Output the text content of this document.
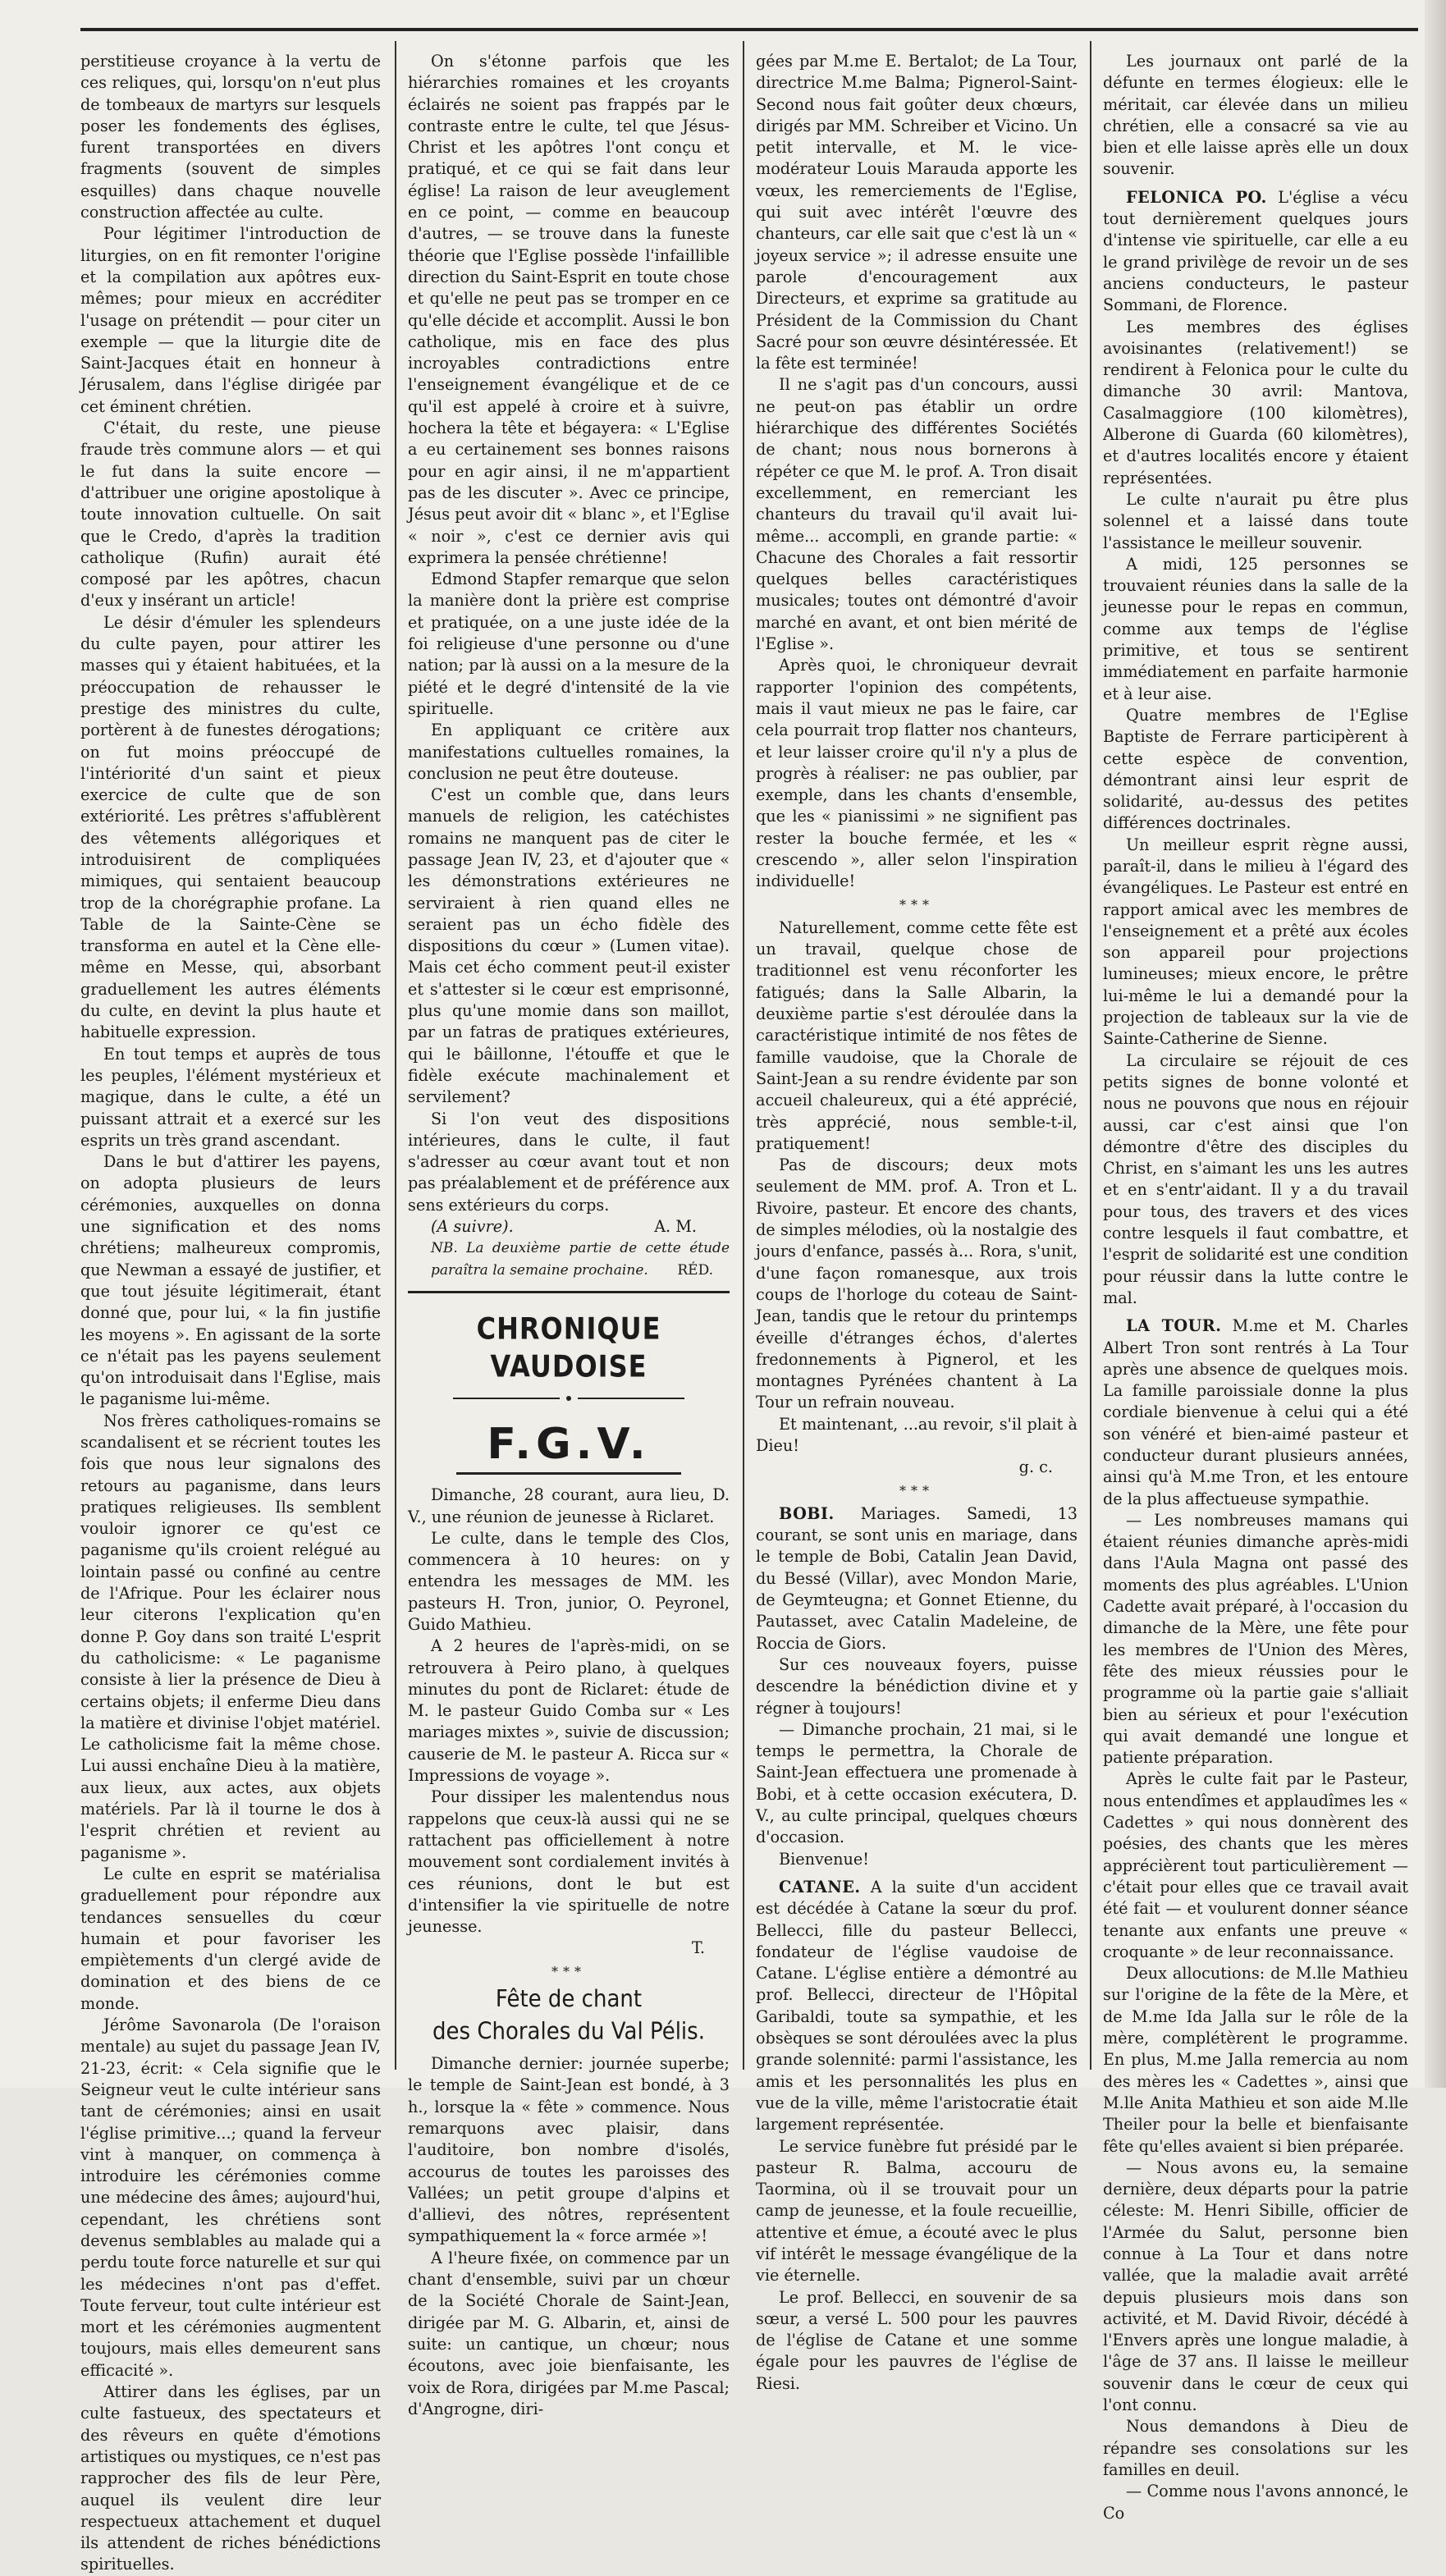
perstitieuse croyance à la vertu de ces reliques, qui, lorsqu'on n'eut plus de tombeaux de martyrs sur lesquels poser les fondements des églises, furent transportées en divers fragments (souvent de simples esquilles) dans chaque nouvelle construction affectée au culte.

Pour légitimer l'introduction de liturgies, on en fit remonter l'origine et la compilation aux apôtres eux-mêmes; pour mieux en accréditer l'usage on prétendit — pour citer un exemple — que la liturgie dite de Saint-Jacques était en honneur à Jérusalem, dans l'église dirigée par cet éminent chrétien.

C'était, du reste, une pieuse fraude très commune alors — et qui le fut dans la suite encore — d'attribuer une origine apostolique à toute innovation cultuelle. On sait que le Credo, d'après la tradition catholique (Rufin) aurait été composé par les apôtres, chacun d'eux y insérant un article!

Le désir d'émuler les splendeurs du culte payen, pour attirer les masses qui y étaient habituées, et la préoccupation de rehausser le prestige des ministres du culte, portèrent à de funestes dérogations; on fut moins préoccupé de l'intériorité d'un saint et pieux exercice de culte que de son extériorité. Les prêtres s'affublèrent des vêtements allégoriques et introduisirent de compliquées mimiques, qui sentaient beaucoup trop de la chorégraphie profane. La Table de la Sainte-Cène se transforma en autel et la Cène elle-même en Messe, qui, absorbant graduellement les autres éléments du culte, en devint la plus haute et habituelle expression.

En tout temps et auprès de tous les peuples, l'élément mystérieux et magique, dans le culte, a été un puissant attrait et a exercé sur les esprits un très grand ascendant.

Dans le but d'attirer les payens, on adopta plusieurs de leurs cérémonies, auxquelles on donna une signification et des noms chrétiens; malheureux compromis, que Newman a essayé de justifier, et que tout jésuite légitimerait, étant donné que, pour lui, « la fin justifie les moyens ». En agissant de la sorte ce n'était pas les payens seulement qu'on introduisait dans l'Eglise, mais le paganisme lui-même.

Nos frères catholiques-romains se scandalisent et se récrient toutes les fois que nous leur signalons des retours au paganisme, dans leurs pratiques religieuses. Ils semblent vouloir ignorer ce qu'est ce paganisme qu'ils croient relégué au lointain passé ou confiné au centre de l'Afrique. Pour les éclairer nous leur citerons l'explication qu'en donne P. Goy dans son traité L'esprit du catholicisme: « Le paganisme consiste à lier la présence de Dieu à certains objets; il enferme Dieu dans la matière et divinise l'objet matériel. Le catholicisme fait la même chose. Lui aussi enchaîne Dieu à la matière, aux lieux, aux actes, aux objets matériels. Par là il tourne le dos à l'esprit chrétien et revient au paganisme ».

Le culte en esprit se matérialisa graduellement pour répondre aux tendances sensuelles du cœur humain et pour favoriser les empiètements d'un clergé avide de domination et des biens de ce monde.

Jérôme Savonarola (De l'oraison mentale) au sujet du passage Jean IV, 21-23, écrit: « Cela signifie que le Seigneur veut le culte intérieur sans tant de cérémonies; ainsi en usait l'église primitive...; quand la ferveur vint à manquer, on commença à introduire les cérémonies comme une médecine des âmes; aujourd'hui, cependant, les chrétiens sont devenus semblables au malade qui a perdu toute force naturelle et sur qui les médecines n'ont pas d'effet. Toute ferveur, tout culte intérieur est mort et les cérémonies augmentent toujours, mais elles demeurent sans efficacité ».

Attirer dans les églises, par un culte fastueux, des spectateurs et des rêveurs en quête d'émotions artistiques ou mystiques, ce n'est pas rapprocher des fils de leur Père, auquel ils veulent dire leur respectueux attachement et duquel ils attendent de riches bénédictions spirituelles.

On s'étonne parfois que les hiérarchies romaines et les croyants éclairés ne soient pas frappés par le contraste entre le culte, tel que Jésus-Christ et les apôtres l'ont conçu et pratiqué, et ce qui se fait dans leur église! La raison de leur aveuglement en ce point, — comme en beaucoup d'autres, — se trouve dans la funeste théorie que l'Eglise possède l'infaillible direction du Saint-Esprit en toute chose et qu'elle ne peut pas se tromper en ce qu'elle décide et accomplit. Aussi le bon catholique, mis en face des plus incroyables contradictions entre l'enseignement évangélique et de ce qu'il est appelé à croire et à suivre, hochera la tête et bégayera: « L'Eglise a eu certainement ses bonnes raisons pour en agir ainsi, il ne m'appartient pas de les discuter ». Avec ce principe, Jésus peut avoir dit « blanc », et l'Eglise « noir », c'est ce dernier avis qui exprimera la pensée chrétienne!

Edmond Stapfer remarque que selon la manière dont la prière est comprise et pratiquée, on a une juste idée de la foi religieuse d'une personne ou d'une nation; par là aussi on a la mesure de la piété et le degré d'intensité de la vie spirituelle.

En appliquant ce critère aux manifestations cultuelles romaines, la conclusion ne peut être douteuse.

C'est un comble que, dans leurs manuels de religion, les catéchistes romains ne manquent pas de citer le passage Jean IV, 23, et d'ajouter que « les démonstrations extérieures ne serviraient à rien quand elles ne seraient pas un écho fidèle des dispositions du cœur » (Lumen vitae). Mais cet écho comment peut-il exister et s'attester si le cœur est emprisonné, plus qu'une momie dans son maillot, par un fatras de pratiques extérieures, qui le bâillonne, l'étouffe et que le fidèle exécute machinalement et servilement?

Si l'on veut des dispositions intérieures, dans le culte, il faut s'adresser au cœur avant tout et non pas préalablement et de préférence aux sens extérieurs du corps.

(A suivre).	A. M.

NB. La deuxième partie de cette étude paraîtra la semaine prochaine. RÉD.

CHRONIQUE VAUDOISE
F.G.V.

Dimanche, 28 courant, aura lieu, D. V., une réunion de jeunesse à Riclaret.

Le culte, dans le temple des Clos, commencera à 10 heures: on y entendra les messages de MM. les pasteurs H. Tron, junior, O. Peyronel, Guido Mathieu.

A 2 heures de l'après-midi, on se retrouvera à Peiro plano, à quelques minutes du pont de Riclaret: étude de M. le pasteur Guido Comba sur « Les mariages mixtes », suivie de discussion; causerie de M. le pasteur A. Ricca sur « Impressions de voyage ».

Pour dissiper les malentendus nous rappelons que ceux-là aussi qui ne se rattachent pas officiellement à notre mouvement sont cordialement invités à ces réunions, dont le but est d'intensifier la vie spirituelle de notre jeunesse.

T.

***

Fête de chant
des Chorales du Val Pélis.

Dimanche dernier: journée superbe; le temple de Saint-Jean est bondé, à 3 h., lorsque la « fête » commence. Nous remarquons avec plaisir, dans l'auditoire, bon nombre d'isolés, accourus de toutes les paroisses des Vallées; un petit groupe d'alpins et d'allievi, des nôtres, représentent sympathiquement la « force armée »!

A l'heure fixée, on commence par un chant d'ensemble, suivi par un chœur de la Société Chorale de Saint-Jean, dirigée par M. G. Albarin, et, ainsi de suite: un cantique, un chœur; nous écoutons, avec joie bienfaisante, les voix de Rora, dirigées par M.me Pascal; d'Angrogne, diri-

gées par M.me E. Bertalot; de La Tour, directrice M.me Balma; Pignerol-Saint-Second nous fait goûter deux chœurs, dirigés par MM. Schreiber et Vicino. Un petit intervalle, et M. le vice-modérateur Louis Marauda apporte les vœux, les remerciements de l'Eglise, qui suit avec intérêt l'œuvre des chanteurs, car elle sait que c'est là un « joyeux service »; il adresse ensuite une parole d'encouragement aux Directeurs, et exprime sa gratitude au Président de la Commission du Chant Sacré pour son œuvre désintéressée. Et la fête est terminée!

Il ne s'agit pas d'un concours, aussi ne peut-on pas établir un ordre hiérarchique des différentes Sociétés de chant; nous nous bornerons à répéter ce que M. le prof. A. Tron disait excellemment, en remerciant les chanteurs du travail qu'il avait lui-même... accompli, en grande partie: « Chacune des Chorales a fait ressortir quelques belles caractéristiques musicales; toutes ont démontré d'avoir marché en avant, et ont bien mérité de l'Eglise ».

Après quoi, le chroniqueur devrait rapporter l'opinion des compétents, mais il vaut mieux ne pas le faire, car cela pourrait trop flatter nos chanteurs, et leur laisser croire qu'il n'y a plus de progrès à réaliser: ne pas oublier, par exemple, dans les chants d'ensemble, que les « pianissimi » ne signifient pas rester la bouche fermée, et les « crescendo », aller selon l'inspiration individuelle!

***

Naturellement, comme cette fête est un travail, quelque chose de traditionnel est venu réconforter les fatigués; dans la Salle Albarin, la deuxième partie s'est déroulée dans la caractéristique intimité de nos fêtes de famille vaudoise, que la Chorale de Saint-Jean a su rendre évidente par son accueil chaleureux, qui a été apprécié, très apprécié, nous semble-t-il, pratiquement!

Pas de discours; deux mots seulement de MM. prof. A. Tron et L. Rivoire, pasteur. Et encore des chants, de simples mélodies, où la nostalgie des jours d'enfance, passés à... Rora, s'unit, d'une façon romanesque, aux trois coups de l'horloge du coteau de Saint-Jean, tandis que le retour du printemps éveille d'étranges échos, d'alertes fredonnements à Pignerol, et les montagnes Pyrénées chantent à La Tour un refrain nouveau.

Et maintenant, ...au revoir, s'il plait à Dieu!

g. c.

***

BOBI. Mariages. Samedi, 13 courant, se sont unis en mariage, dans le temple de Bobi, Catalin Jean David, du Bessé (Villar), avec Mondon Marie, de Geymteugna; et Gonnet Etienne, du Pautasset, avec Catalin Madeleine, de Roccia de Giors.

Sur ces nouveaux foyers, puisse descendre la bénédiction divine et y régner à toujours!

— Dimanche prochain, 21 mai, si le temps le permettra, la Chorale de Saint-Jean effectuera une promenade à Bobi, et à cette occasion exécutera, D. V., au culte principal, quelques chœurs d'occasion.

Bienvenue!

CATANE. A la suite d'un accident est décédée à Catane la sœur du prof. Bellecci, fille du pasteur Bellecci, fondateur de l'église vaudoise de Catane. L'église entière a démontré au prof. Bellecci, directeur de l'Hôpital Garibaldi, toute sa sympathie, et les obsèques se sont déroulées avec la plus grande solennité: parmi l'assistance, les amis et les personnalités les plus en vue de la ville, même l'aristocratie était largement représentée.

Le service funèbre fut présidé par le pasteur R. Balma, accouru de Taormina, où il se trouvait pour un camp de jeunesse, et la foule recueillie, attentive et émue, a écouté avec le plus vif intérêt le message évangélique de la vie éternelle.

Le prof. Bellecci, en souvenir de sa sœur, a versé L. 500 pour les pauvres de l'église de Catane et une somme égale pour les pauvres de l'église de Riesi.

Les journaux ont parlé de la défunte en termes élogieux: elle le méritait, car élevée dans un milieu chrétien, elle a consacré sa vie au bien et elle laisse après elle un doux souvenir.

FELONICA PO. L'église a vécu tout dernièrement quelques jours d'intense vie spirituelle, car elle a eu le grand privilège de revoir un de ses anciens conducteurs, le pasteur Sommani, de Florence.

Les membres des églises avoisinantes (relativement!) se rendirent à Felonica pour le culte du dimanche 30 avril: Mantova, Casalmaggiore (100 kilomètres), Alberone di Guarda (60 kilomètres), et d'autres localités encore y étaient représentées.

Le culte n'aurait pu être plus solennel et a laissé dans toute l'assistance le meilleur souvenir.

A midi, 125 personnes se trouvaient réunies dans la salle de la jeunesse pour le repas en commun, comme aux temps de l'église primitive, et tous se sentirent immédiatement en parfaite harmonie et à leur aise.

Quatre membres de l'Eglise Baptiste de Ferrare participèrent à cette espèce de convention, démontrant ainsi leur esprit de solidarité, au-dessus des petites différences doctrinales.

Un meilleur esprit règne aussi, paraît-il, dans le milieu à l'égard des évangéliques. Le Pasteur est entré en rapport amical avec les membres de l'enseignement et a prêté aux écoles son appareil pour projections lumineuses; mieux encore, le prêtre lui-même le lui a demandé pour la projection de tableaux sur la vie de Sainte-Catherine de Sienne.

La circulaire se réjouit de ces petits signes de bonne volonté et nous ne pouvons que nous en réjouir aussi, car c'est ainsi que l'on démontre d'être des disciples du Christ, en s'aimant les uns les autres et en s'entr'aidant. Il y a du travail pour tous, des travers et des vices contre lesquels il faut combattre, et l'esprit de solidarité est une condition pour réussir dans la lutte contre le mal.

LA TOUR. M.me et M. Charles Albert Tron sont rentrés à La Tour après une absence de quelques mois. La famille paroissiale donne la plus cordiale bienvenue à celui qui a été son vénéré et bien-aimé pasteur et conducteur durant plusieurs années, ainsi qu'à M.me Tron, et les entoure de la plus affectueuse sympathie.

— Les nombreuses mamans qui étaient réunies dimanche après-midi dans l'Aula Magna ont passé des moments des plus agréables. L'Union Cadette avait préparé, à l'occasion du dimanche de la Mère, une fête pour les membres de l'Union des Mères, fête des mieux réussies pour le programme où la partie gaie s'alliait bien au sérieux et pour l'exécution qui avait demandé une longue et patiente préparation.

Après le culte fait par le Pasteur, nous entendîmes et applaudîmes les « Cadettes » qui nous donnèrent des poésies, des chants que les mères apprécièrent tout particulièrement — c'était pour elles que ce travail avait été fait — et voulurent donner séance tenante aux enfants une preuve « croquante » de leur reconnaissance.

Deux allocutions: de M.lle Mathieu sur l'origine de la fête de la Mère, et de M.me Ida Jalla sur le rôle de la mère, complétèrent le programme. En plus, M.me Jalla remercia au nom des mères les « Cadettes », ainsi que M.lle Anita Mathieu et son aide M.lle Theiler pour la belle et bienfaisante fête qu'elles avaient si bien préparée.

— Nous avons eu, la semaine dernière, deux départs pour la patrie céleste: M. Henri Sibille, officier de l'Armée du Salut, personne bien connue à La Tour et dans notre vallée, que la maladie avait arrêté depuis plusieurs mois dans son activité, et M. David Rivoir, décédé à l'Envers après une longue maladie, à l'âge de 37 ans. Il laisse le meilleur souvenir dans le cœur de ceux qui l'ont connu.

Nous demandons à Dieu de répandre ses consolations sur les familles en deuil.

— Comme nous l'avons annoncé, le Co
